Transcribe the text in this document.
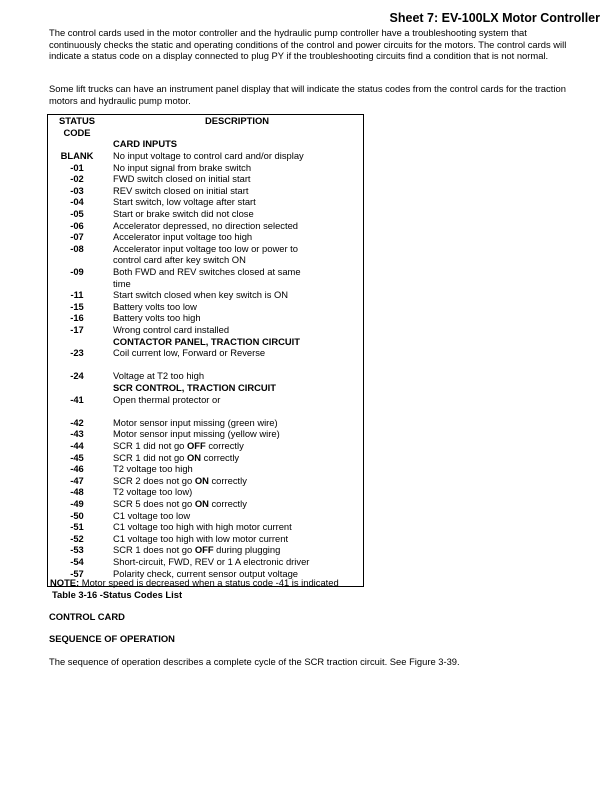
Sheet 7: EV-100LX Motor Controller
The control cards used in the motor controller and the hydraulic pump controller have a troubleshooting system that continuously checks the static and operating conditions of the control and power circuits for the motors. The control cards will indicate a status code on a display connected to plug PY if the troubleshooting circuits find a condition that is not normal.
Some lift trucks can have an instrument panel display that will indicate the status codes from the control cards for the traction motors and hydraulic pump motor.
STATUS	DESCRIPTION
CODE
CARD INPUTS
BLANK	No input voltage to control card and/or display
-01	No input signal from brake switch
-02	FWD switch closed on initial start
-03	REV switch closed on initial start
-04	Start switch, low voltage after start
-05	Start or brake switch did not close
-06	Accelerator depressed, no direction selected
-07	Accelerator input voltage too high
-08	Accelerator input voltage too low or power to
control card after key switch ON
-09	Both FWD and REV switches closed at same
time
-11	Start switch closed when key switch is ON
-15	Battery volts too low
-16	Battery volts too high
-17	Wrong control card installed
CONTACTOR PANEL, TRACTION CIRCUIT
-23	Coil current low, Forward or Reverse
-24	Voltage at T2 too high
SCR CONTROL, TRACTION CIRCUIT
-41	Open thermal protector or
-42	Motor sensor input missing (green wire)
-43	Motor sensor input missing (yellow wire)
-44	SCR 1 did not go OFF correctly
-45	SCR 1 did not go ON correctly
-46	T2 voltage too high
-47	SCR 2 does not go ON correctly
-48	T2 voltage too low)
-49	SCR 5 does not go ON correctly
-50	C1 voltage too low
-51	C1 voltage too high with high motor current
-52	C1 voltage too high with low motor current
-53	SCR 1 does not go OFF during plugging
-54	Short-circuit, FWD, REV or 1 A electronic driver
-57	Polarity check, current sensor output voltage
NOTE: Motor speed is decreased when a status code -41 is indicated
Table 3-16 -Status Codes List
CONTROL CARD
SEQUENCE OF OPERATION
The sequence of operation describes a complete cycle of the SCR traction circuit. See Figure 3-39.
